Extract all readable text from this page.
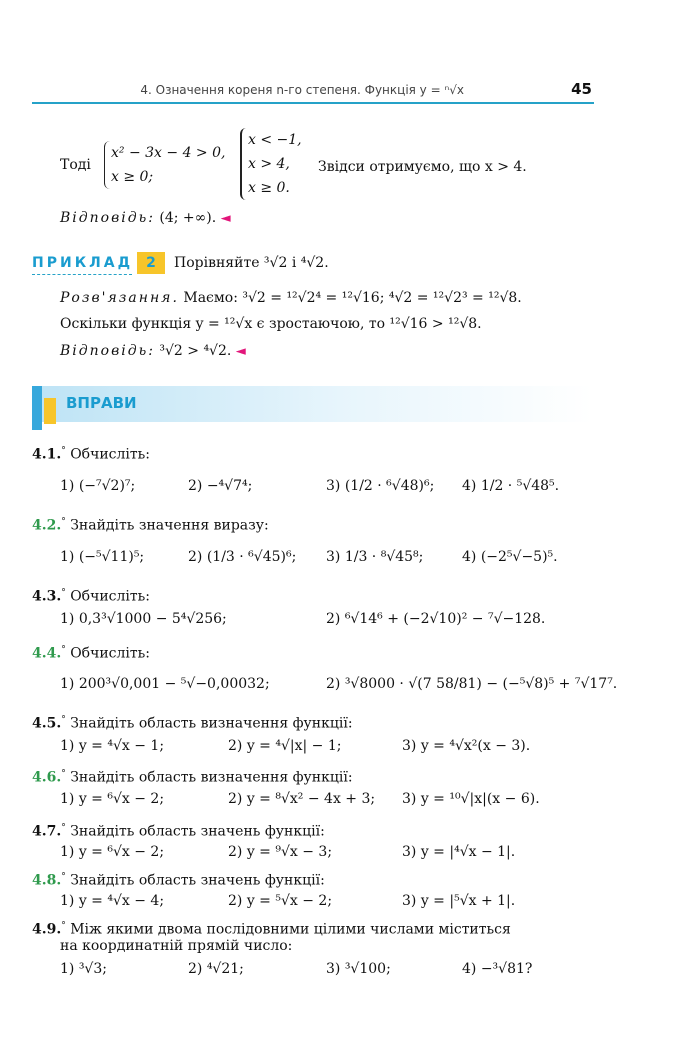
4. Означення кореня n-го степеня. Функція y = ⁿ√x	45
Тоді
x² − 3x − 4 > 0,
x ≥ 0;
x < −1,
x > 4,
x ≥ 0.
Звідси отримуємо, що x > 4.
Відповідь: (4; +∞). ◄
ПРИКЛАД 2	Порівняйте ³√2 і ⁴√2.
Розв'язання. Маємо: ³√2 = ¹²√2⁴ = ¹²√16; ⁴√2 = ¹²√2³ = ¹²√8.
Оскільки функція y = ¹²√x є зростаючою, то ¹²√16 > ¹²√8.
Відповідь: ³√2 > ⁴√2. ◄
ВПРАВИ
4.1.° Обчисліть:
1) (−⁷√2)⁷;	2) −⁴√7⁴;	3) (1/2 · ⁶√48)⁶; 4) 1/2 · ⁵√48⁵.
4.2.° Знайдіть значення виразу:
1) (−⁵√11)⁵;	2) (1/3 · ⁶√45)⁶; 3) 1/3 · ⁸√45⁸;	4) (−2⁵√−5)⁵.
4.3.° Обчисліть:
1) 0,3³√1000 − 5⁴√256;	2) ⁶√14⁶ + (−2√10)² − ⁷√−128.
4.4.° Обчисліть:
1) 200³√0,001 − ⁵√−0,00032;	2) ³√8000 · √(7 58/81) − (−⁵√8)⁵ + ⁷√17⁷.
4.5.° Знайдіть область визначення функції:
1) y = ⁴√x − 1;	2) y = ⁴√|x| − 1;	3) y = ⁴√x²(x − 3).
4.6.° Знайдіть область визначення функції:
1) y = ⁶√x − 2;	2) y = ⁸√x² − 4x + 3; 3) y = ¹⁰√|x|(x − 6).
4.7.° Знайдіть область значень функції:
1) y = ⁶√x − 2;	2) y = ⁹√x − 3;	3) y = |⁴√x − 1|.
4.8.° Знайдіть область значень функції:
1) y = ⁴√x − 4;	2) y = ⁵√x − 2;	3) y = |⁵√x + 1|.
4.9.° Між якими двома послідовними цілими числами міститься
на координатній прямій число:
1) ³√3;	2) ⁴√21;	3) ³√100;	4) −³√81?
